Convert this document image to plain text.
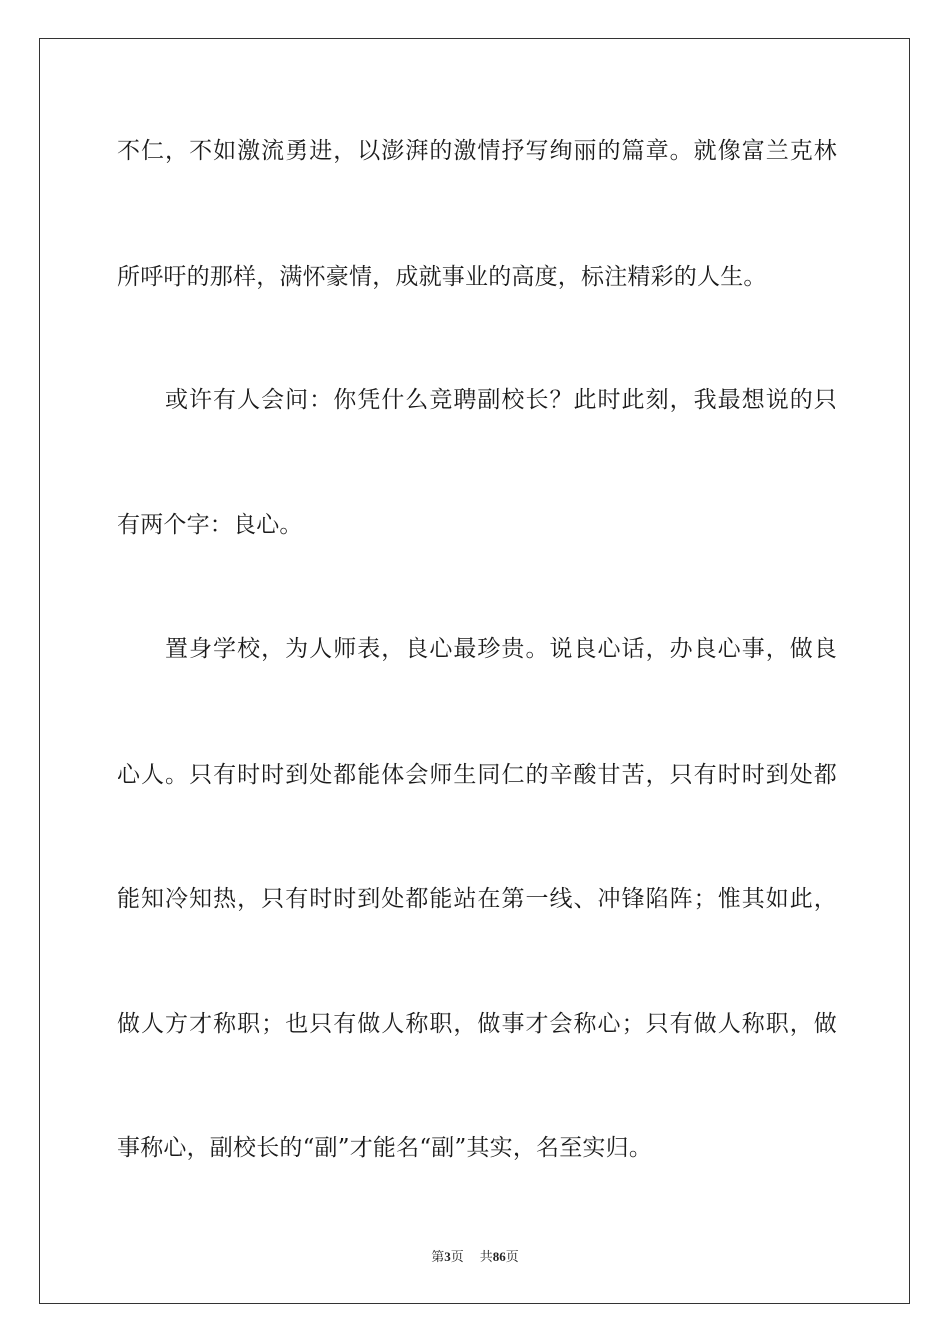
不仁，不如激流勇进，以澎湃的激情抒写绚丽的篇章。就像富兰克林
所呼吁的那样，满怀豪情，成就事业的高度，标注精彩的人生。
或许有人会问：你凭什么竞聘副校长？此时此刻，我最想说的只
有两个字：良心。
置身学校，为人师表，良心最珍贵。说良心话，办良心事，做良
心人。只有时时到处都能体会师生同仁的辛酸甘苦，只有时时到处都
能知冷知热，只有时时到处都能站在第一线、冲锋陷阵；惟其如此，
做人方才称职；也只有做人称职，做事才会称心；只有做人称职，做
事称心，副校长的“副”才能名“副”其实，名至实归。
第3页 共86页
